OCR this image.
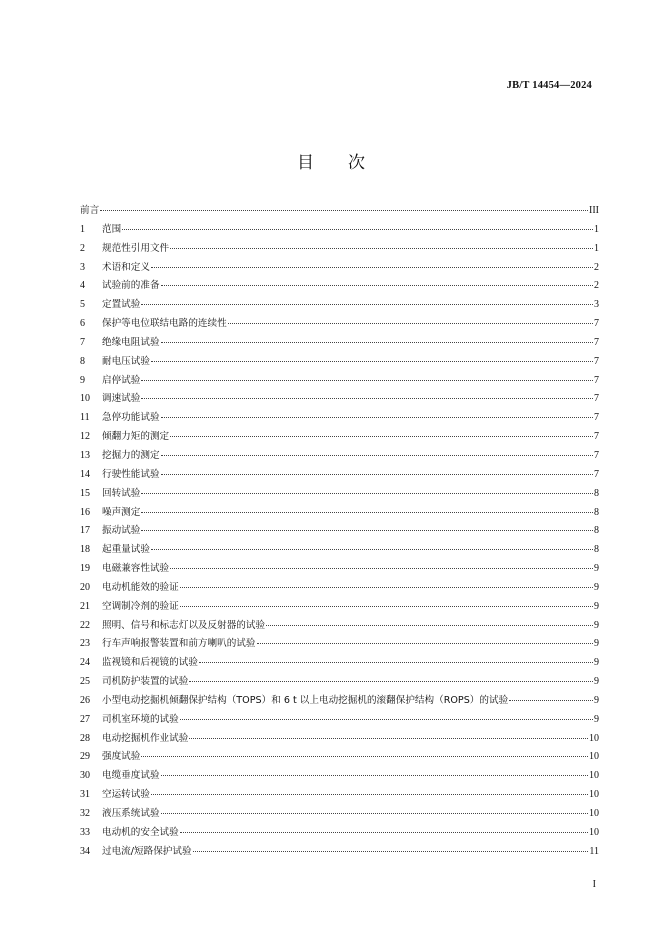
JB/T 14454—2024
目　　次
前言	III
1	范围	1
2	规范性引用文件	1
3	术语和定义	2
4	试验前的准备	2
5	定置试验	3
6	保护等电位联结电路的连续性	7
7	绝缘电阻试验	7
8	耐电压试验	7
9	启停试验	7
10	调速试验	7
11	急停功能试验	7
12	倾翻力矩的测定	7
13	挖掘力的测定	7
14	行驶性能试验	7
15	回转试验	8
16	噪声测定	8
17	振动试验	8
18	起重量试验	8
19	电磁兼容性试验	9
20	电动机能效的验证	9
21	空调制冷剂的验证	9
22	照明、信号和标志灯以及反射器的试验	9
23	行车声响报警装置和前方喇叭的试验	9
24	监视镜和后视镜的试验	9
25	司机防护装置的试验	9
26	小型电动挖掘机倾翻保护结构（TOPS）和 6 t 以上电动挖掘机的滚翻保护结构（ROPS）的试验	9
27	司机室环境的试验	9
28	电动挖掘机作业试验	10
29	强度试验	10
30	电缆垂度试验	10
31	空运转试验	10
32	液压系统试验	10
33	电动机的安全试验	10
34	过电流/短路保护试验	11
I
